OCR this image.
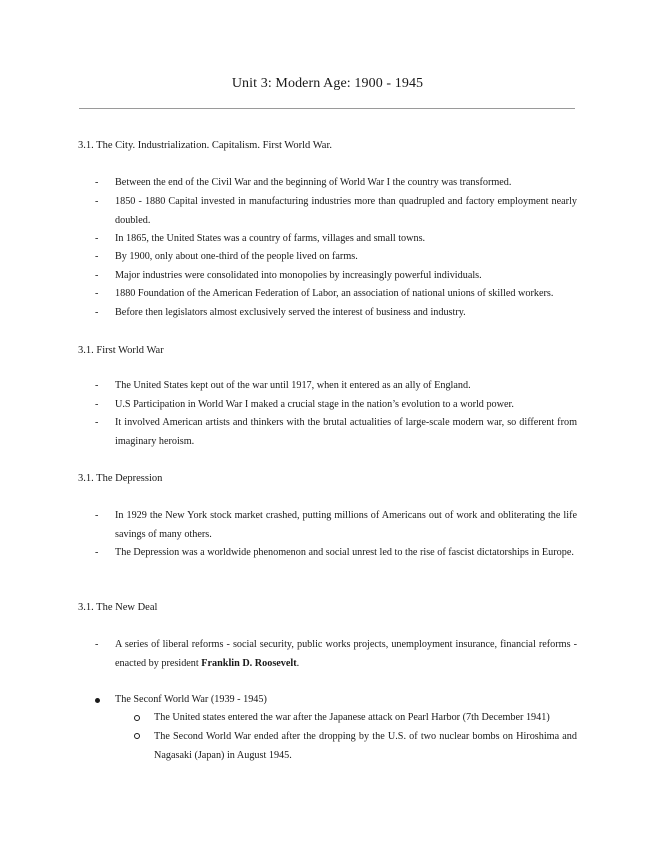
Unit 3: Modern Age: 1900 - 1945
3.1. The City. Industrialization. Capitalism. First World War.
- Between the end of the Civil War and the beginning of World War I the country was transformed.
- 1850 - 1880 Capital invested in manufacturing industries more than quadrupled and factory employment nearly doubled.
- In 1865, the United States was a country of farms, villages and small towns.
- By 1900, only about one-third of the people lived on farms.
- Major industries were consolidated into monopolies by increasingly powerful individuals.
- 1880 Foundation of the American Federation of Labor, an association of national unions of skilled workers.
- Before then legislators almost exclusively served the interest of business and industry.
3.1. First World War
- The United States kept out of the war until 1917, when it entered as an ally of England.
- U.S Participation in World War I maked a crucial stage in the nation’s evolution to a world power.
- It involved American artists and thinkers with the brutal actualities of large-scale modern war, so different from imaginary heroism.
3.1. The Depression
- In 1929 the New York stock market crashed, putting millions of Americans out of work and obliterating the life savings of many others.
- The Depression was a worldwide phenomenon and social unrest led to the rise of fascist dictatorships in Europe.
3.1. The New Deal
- A series of liberal reforms - social security, public works projects, unemployment insurance, financial reforms - enacted by president Franklin D. Roosevelt.
The Seconf World War (1939 - 1945)
The United states entered the war after the Japanese attack on Pearl Harbor (7th December 1941)
The Second World War ended after the dropping by the U.S. of two nuclear bombs on Hiroshima and Nagasaki (Japan) in August 1945.
